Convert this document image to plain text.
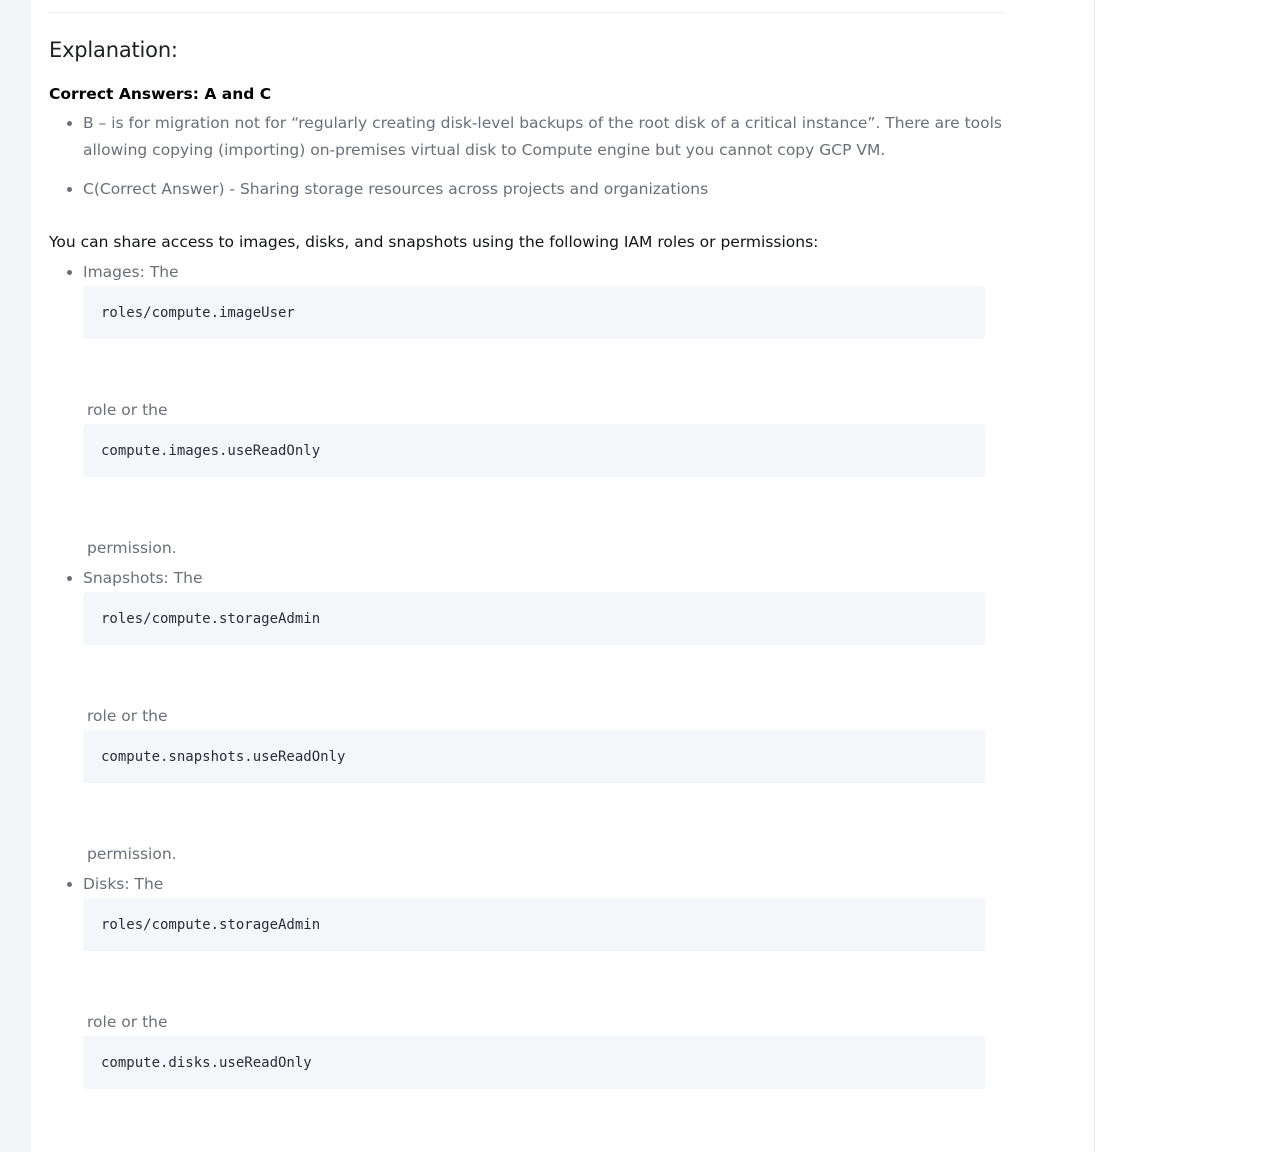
Explanation:
Correct Answers: A and C
• B – is for migration not for “regularly creating disk-level backups of the root disk of a critical instance”. There are tools allowing copying (importing) on-premises virtual disk to Compute engine but you cannot copy GCP VM.
• C(Correct Answer) - Sharing storage resources across projects and organizations

You can share access to images, disks, and snapshots using the following IAM roles or permissions:

• Images: The
roles/compute.imageUser
role or the
compute.images.useReadOnly
permission.
• Snapshots: The
roles/compute.storageAdmin
role or the
compute.snapshots.useReadOnly
permission.
• Disks: The
roles/compute.storageAdmin
role or the
compute.disks.useReadOnly
